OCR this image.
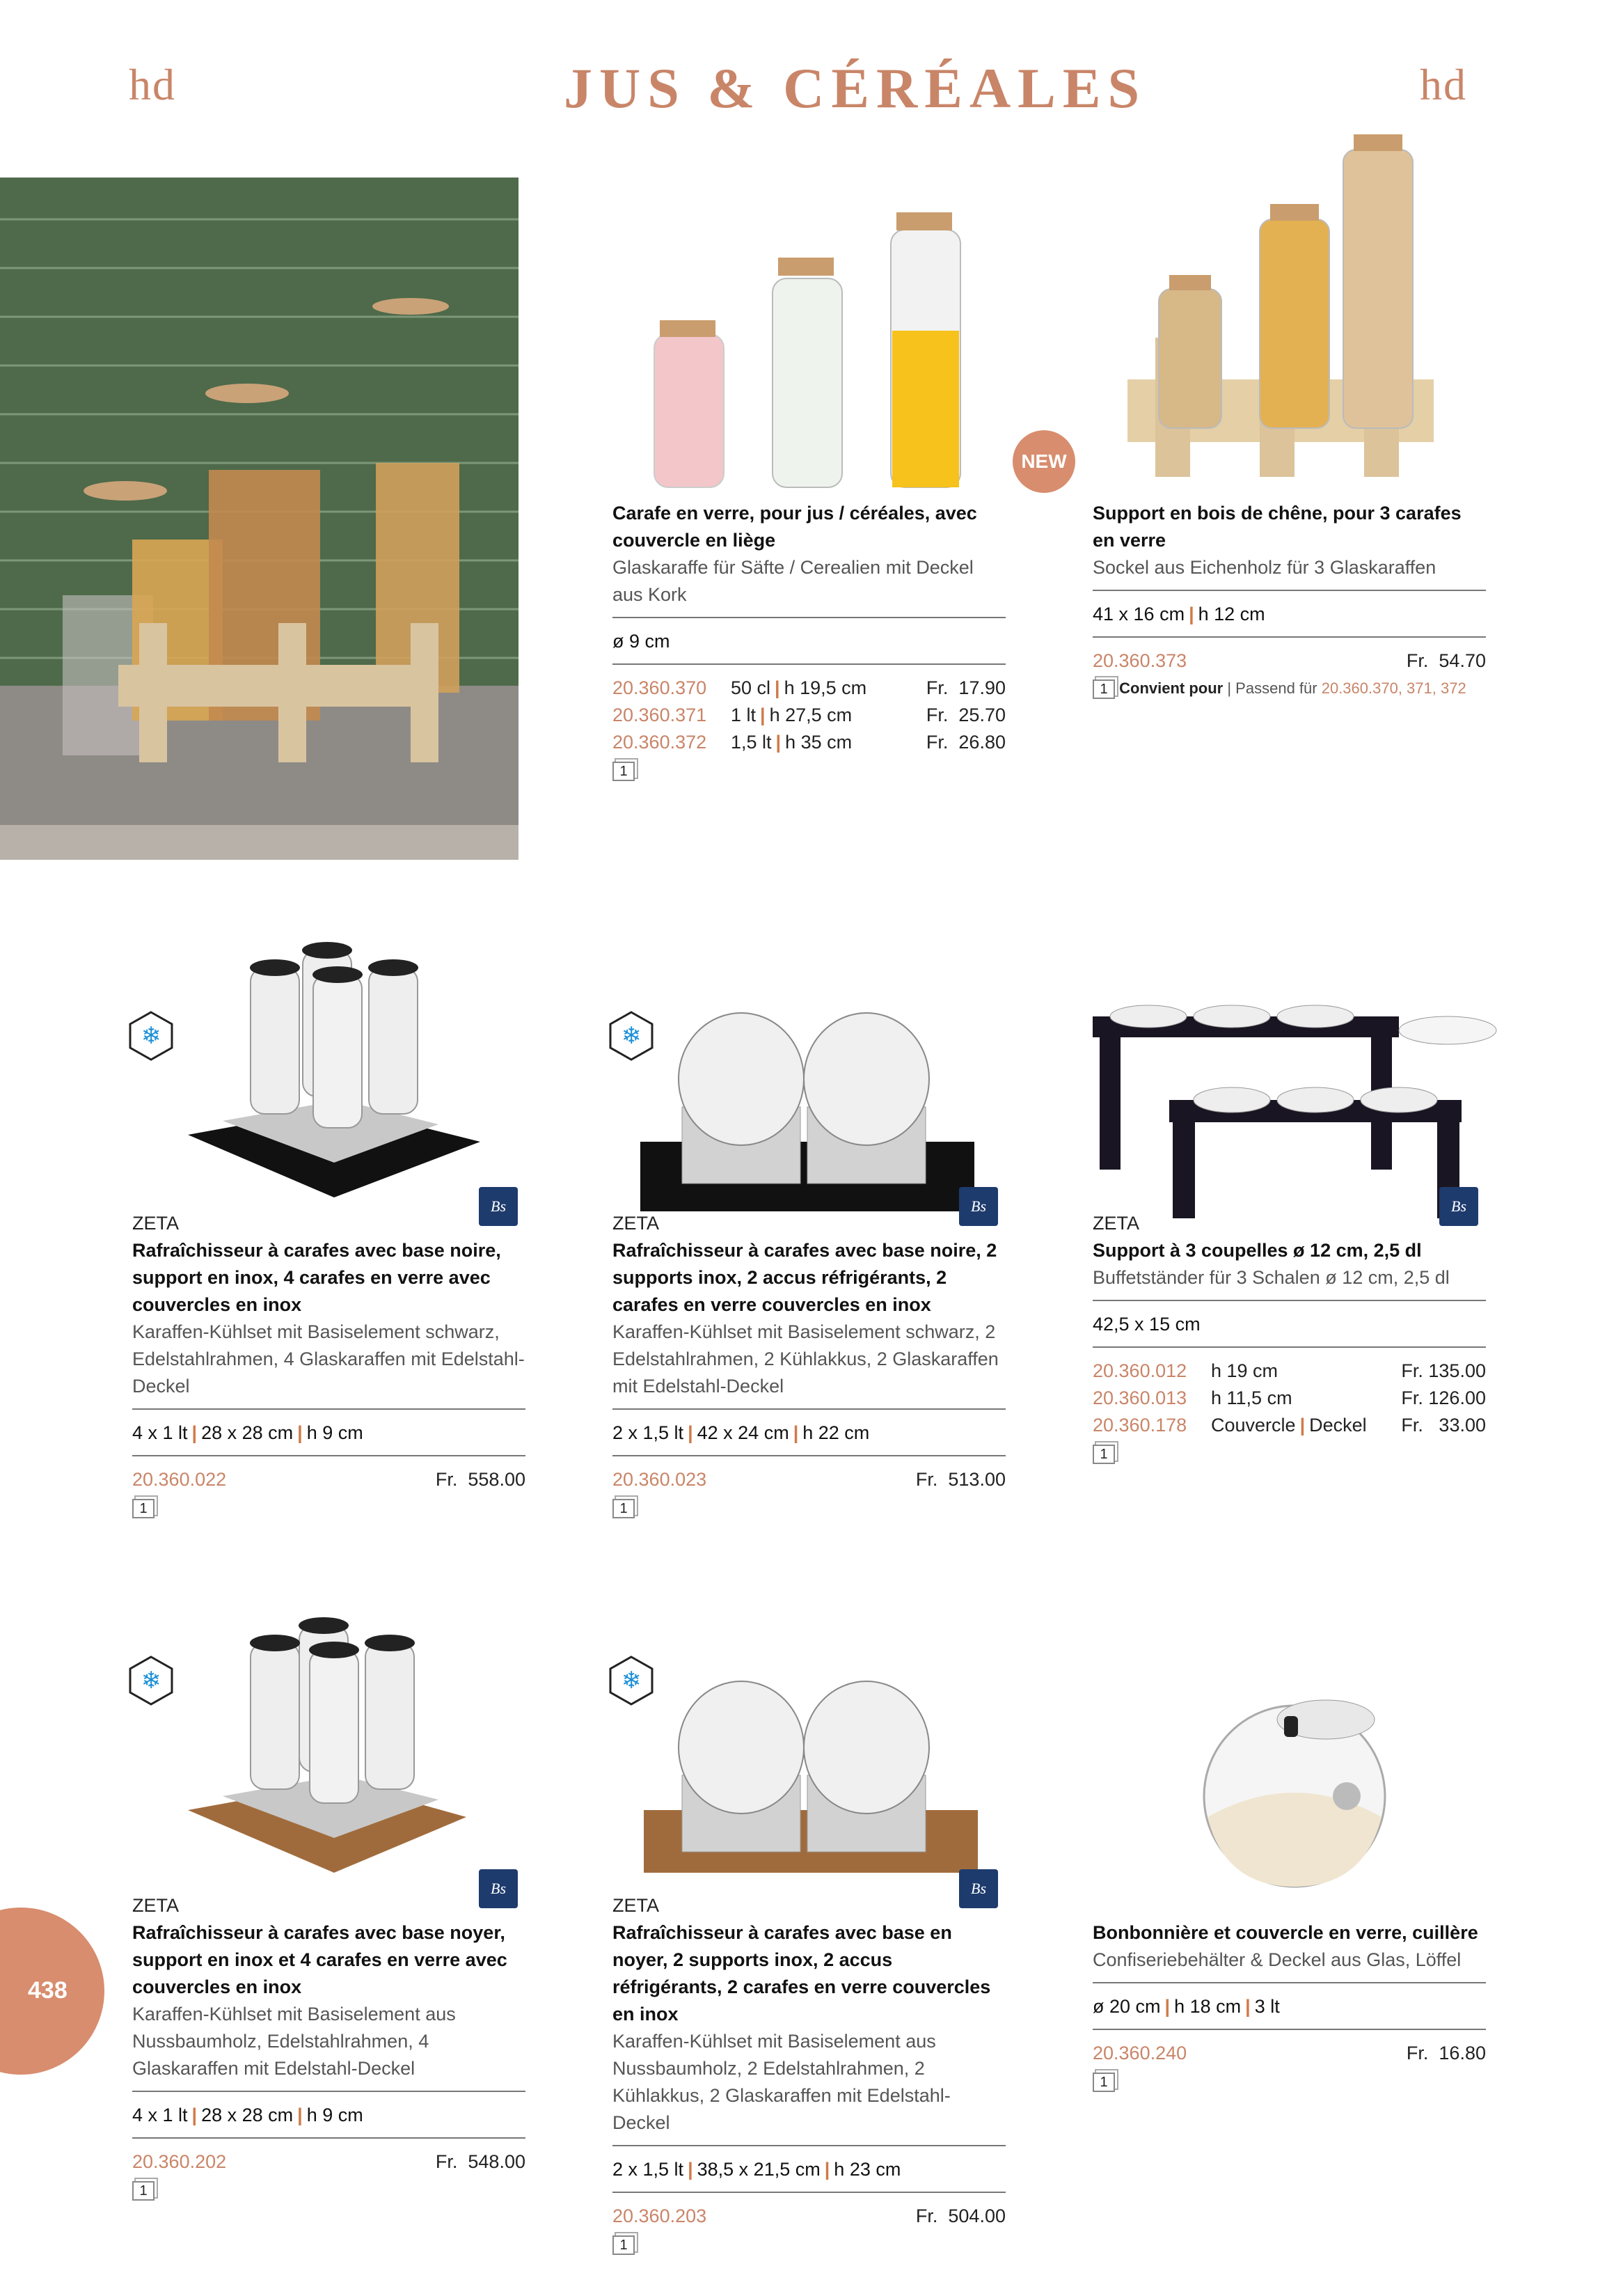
hd	JUS & CÉRÉALES	hd
NEW
Carafe en verre, pour jus / céréales, avec couvercle en liège
Glaskaraffe für Säfte / Cerealien mit Deckel aus Kork
ø 9 cm
20.360.370	50 cl | h 19,5 cm	Fr.  17.90
20.360.371	1 lt | h 27,5 cm	Fr.  25.70
20.360.372	1,5 lt | h 35 cm	Fr.  26.80
1
Support en bois de chêne, pour 3 carafes en verre
Sockel aus Eichenholz für 3 Glaskaraffen
41 x 16 cm | h 12 cm
20.360.373	Fr.  54.70
1 Convient pour | Passend für 20.360.370, 371, 372
❄
Bs
❄
Bs	Bs
ZETA
Rafraîchisseur à carafes avec base noire, support en inox, 4 carafes en verre avec couvercles en inox
Karaffen-Kühlset mit Basiselement schwarz, Edelstahlrahmen, 4 Glaskaraffen mit Edelstahl-Deckel
4 x 1 lt | 28 x 28 cm | h 9 cm
20.360.022	Fr.  558.00
1
ZETA
Rafraîchisseur à carafes avec base noire, 2 supports inox, 2 accus réfrigérants, 2 carafes en verre couvercles en inox
Karaffen-Kühlset mit Basiselement schwarz, 2 Edelstahlrahmen, 2 Kühlakkus, 2 Glaskaraffen mit Edelstahl-Deckel
2 x 1,5 lt | 42 x 24 cm | h 22 cm
20.360.023	Fr.  513.00
1
ZETA
Support à 3 coupelles ø 12 cm, 2,5 dl
Buffetständer für 3 Schalen ø 12 cm, 2,5 dl
42,5 x 15 cm
20.360.012	h 19 cm	Fr. 135.00
20.360.013	h 11,5 cm	Fr. 126.00
20.360.178	Couvercle | Deckel	Fr.   33.00
1
❄
Bs
❄
Bs
ZETA
Rafraîchisseur à carafes avec base noyer, support en inox et 4 carafes en verre avec couvercles en inox
Karaffen-Kühlset mit Basiselement aus Nussbaumholz, Edelstahlrahmen, 4 Glaskaraffen mit Edelstahl-Deckel
4 x 1 lt | 28 x 28 cm | h 9 cm
20.360.202	Fr.  548.00
1
ZETA
Rafraîchisseur à carafes avec base en noyer, 2 supports inox, 2 accus réfrigérants, 2 carafes en verre couvercles en inox
Karaffen-Kühlset mit Basiselement aus Nussbaumholz, 2 Edelstahlrahmen, 2 Kühlakkus, 2 Glaskaraffen mit Edelstahl-Deckel
2 x 1,5 lt | 38,5 x 21,5 cm | h 23 cm
20.360.203	Fr.  504.00
1
Bonbonnière et couvercle en verre, cuillère
Confiseriebehälter & Deckel aus Glas, Löffel
ø 20 cm | h 18 cm | 3 lt
20.360.240	Fr.  16.80
1
438
